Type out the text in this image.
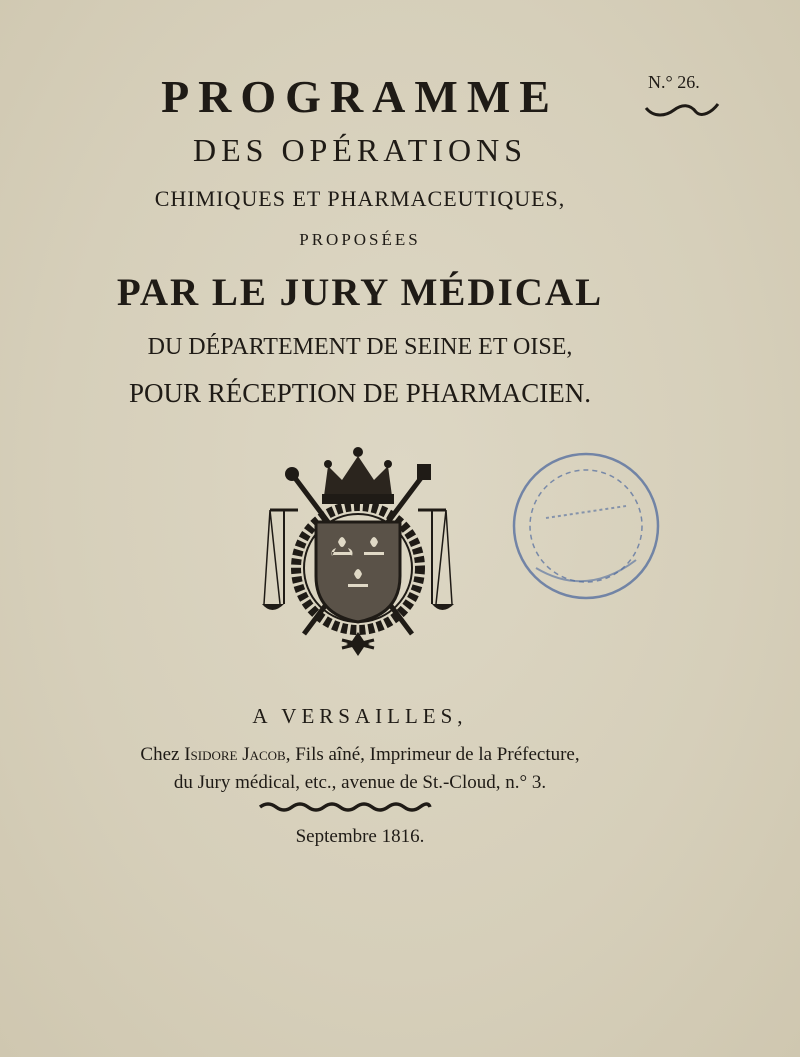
PROGRAMME	N.° 26.
DES OPÉRATIONS
CHIMIQUES ET PHARMACEUTIQUES,
PROPOSÉES
PAR LE JURY MÉDICAL
DU DÉPARTEMENT DE SEINE ET OISE,
POUR RÉCEPTION DE PHARMACIEN.
A VERSAILLES,
Chez Isidore Jacob, Fils aîné, Imprimeur de la Préfecture,
du Jury médical, etc., avenue de St.-Cloud, n.° 3.
Septembre 1816.
